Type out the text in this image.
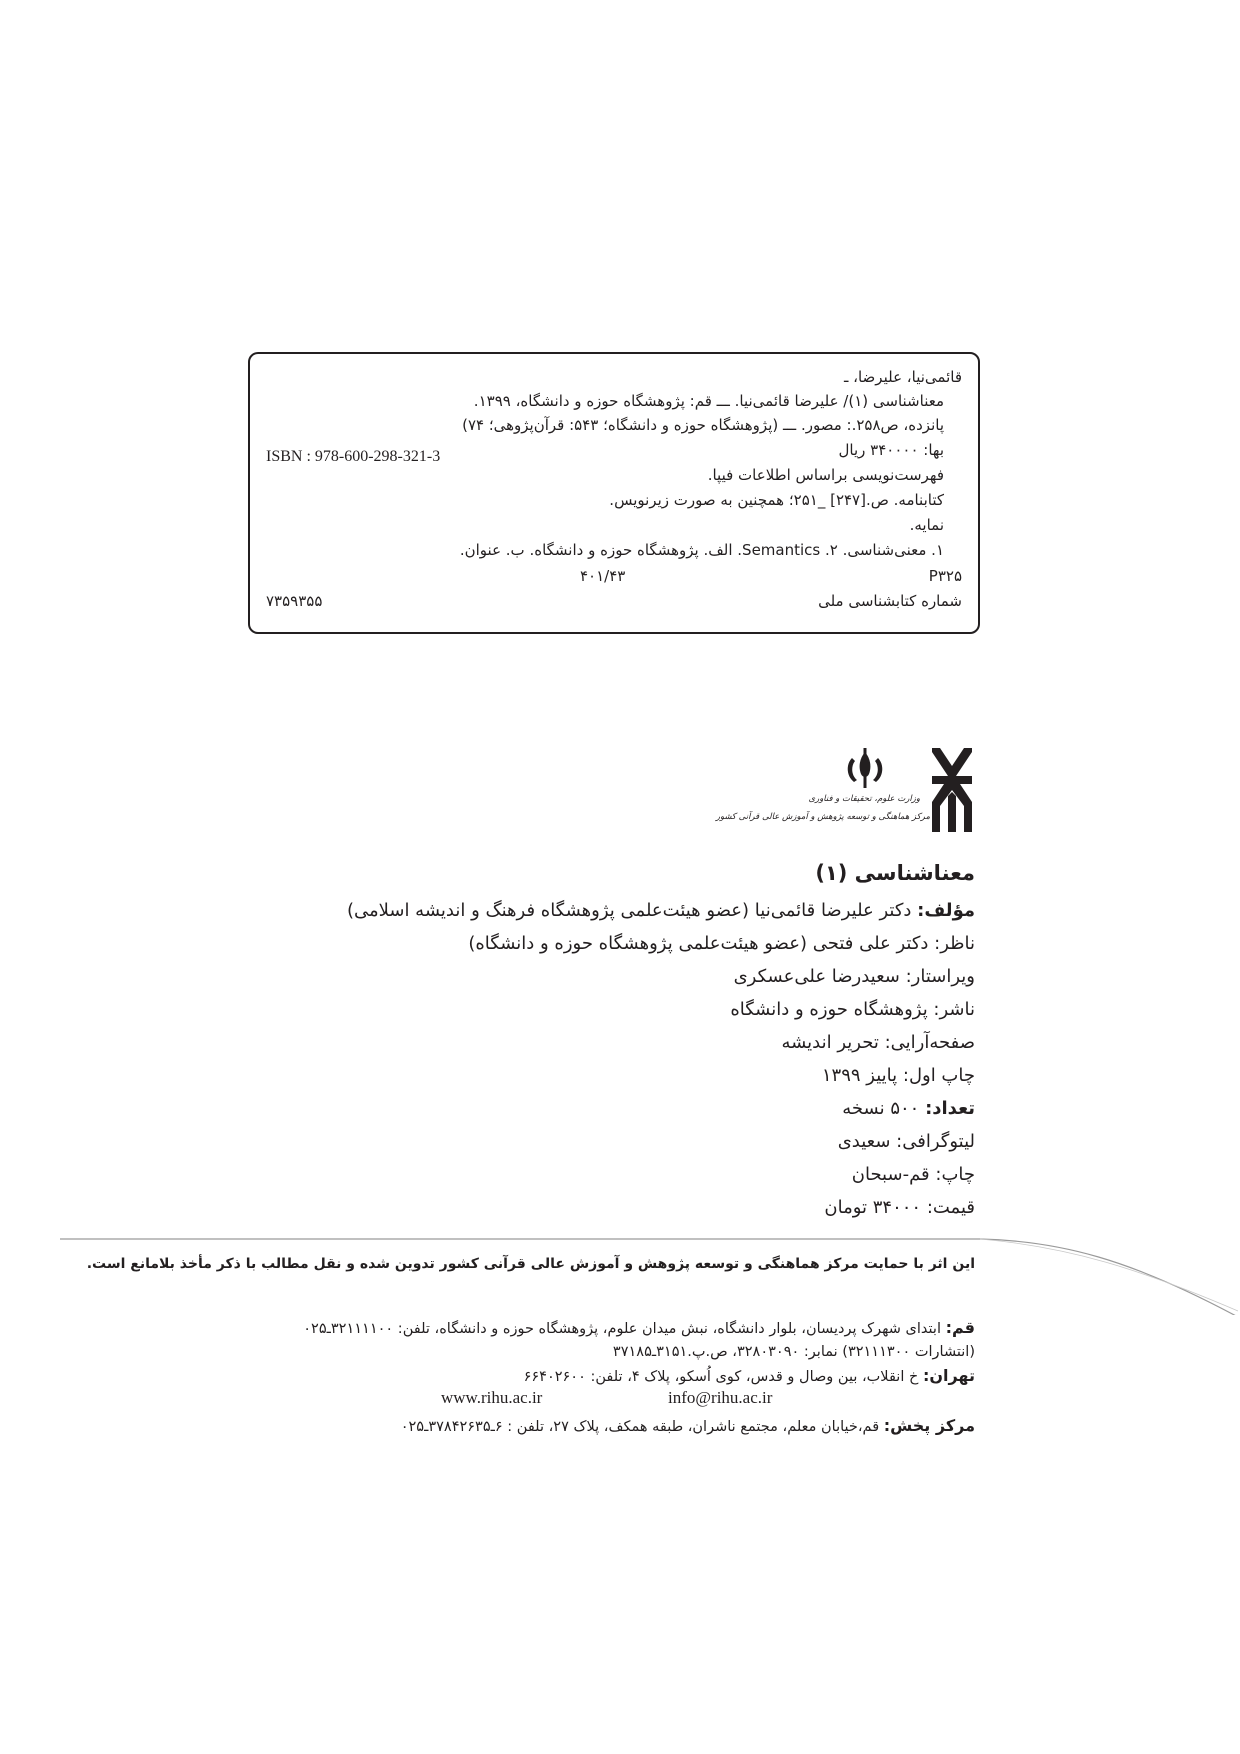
قائمی‌نیا، علیرضا، ـ
معناشناسی (۱)/ علیرضا قائمی‌نیا. ـــ قم: پژوهشگاه حوزه و دانشگاه، ۱۳۹۹.
پانزده، ص۲۵۸.: مصور. ـــ (پژوهشگاه حوزه و دانشگاه؛ ۵۴۳: قرآن‌پژوهی؛ ۷۴)
بها: ۳۴۰۰۰۰ ریال
فهرست‌نویسی براساس اطلاعات فیپا.
کتابنامه. ص.[۲۴۷] _۲۵۱؛ همچنین به صورت زیرنویس.
نمایه.
۱. معنی‌شناسی. ۲. Semantics. الف. پژوهشگاه حوزه و دانشگاه. ب. عنوان.
P۳۲۵
شماره کتابشناسی ملی
ISBN : 978-600-298-321-3
۴۰۱/۴۳
۷۳۵۹۳۵۵
وزارت علوم، تحقیقات و فناوری
مرکز هماهنگی و توسعه پژوهش و آموزش عالی قرآنی کشور
معناشناسی (۱)
مؤلف: دکتر علیرضا قائمی‌نیا (عضو هیئت‌علمی پژوهشگاه فرهنگ و اندیشه اسلامی)
ناظر: دکتر علی فتحی (عضو هیئت‌علمی پژوهشگاه حوزه و دانشگاه)
ویراستار: سعیدرضا علی‌عسکری
ناشر: پژوهشگاه حوزه و دانشگاه
صفحه‌آرایی: تحریر اندیشه
چاپ اول: پاییز ۱۳۹۹
تعداد: ۵۰۰ نسخه
لیتوگرافی: سعیدی
چاپ: قم-سبحان
قیمت: ۳۴۰۰۰ تومان
این اثر با حمایت مرکز هماهنگی و توسعه پژوهش و آموزش عالی قرآنی کشور تدوین شده و نقل مطالب با ذکر مأخذ بلامانع است.
قم: ابتدای شهرک پردیسان، بلوار دانشگاه، نبش میدان علوم، پژوهشگاه حوزه و دانشگاه، تلفن: ۳۲۱۱۱۱۰۰ـ۰۲۵
(انتشارات ۳۲۱۱۱۳۰۰) نمابر: ۳۲۸۰۳۰۹۰، ص.پ.۳۱۵۱ـ۳۷۱۸۵
تهران: خ انقلاب، بین وصال و قدس، کوی اُسکو، پلاک ۴، تلفن: ۶۶۴۰۲۶۰۰
www.rihu.ac.ir	info@rihu.ac.ir
مرکز پخش: قم،خیابان معلم، مجتمع ناشران، طبقه همکف، پلاک ۲۷، تلفن : ۶ـ۳۷۸۴۲۶۳۵ـ۰۲۵
